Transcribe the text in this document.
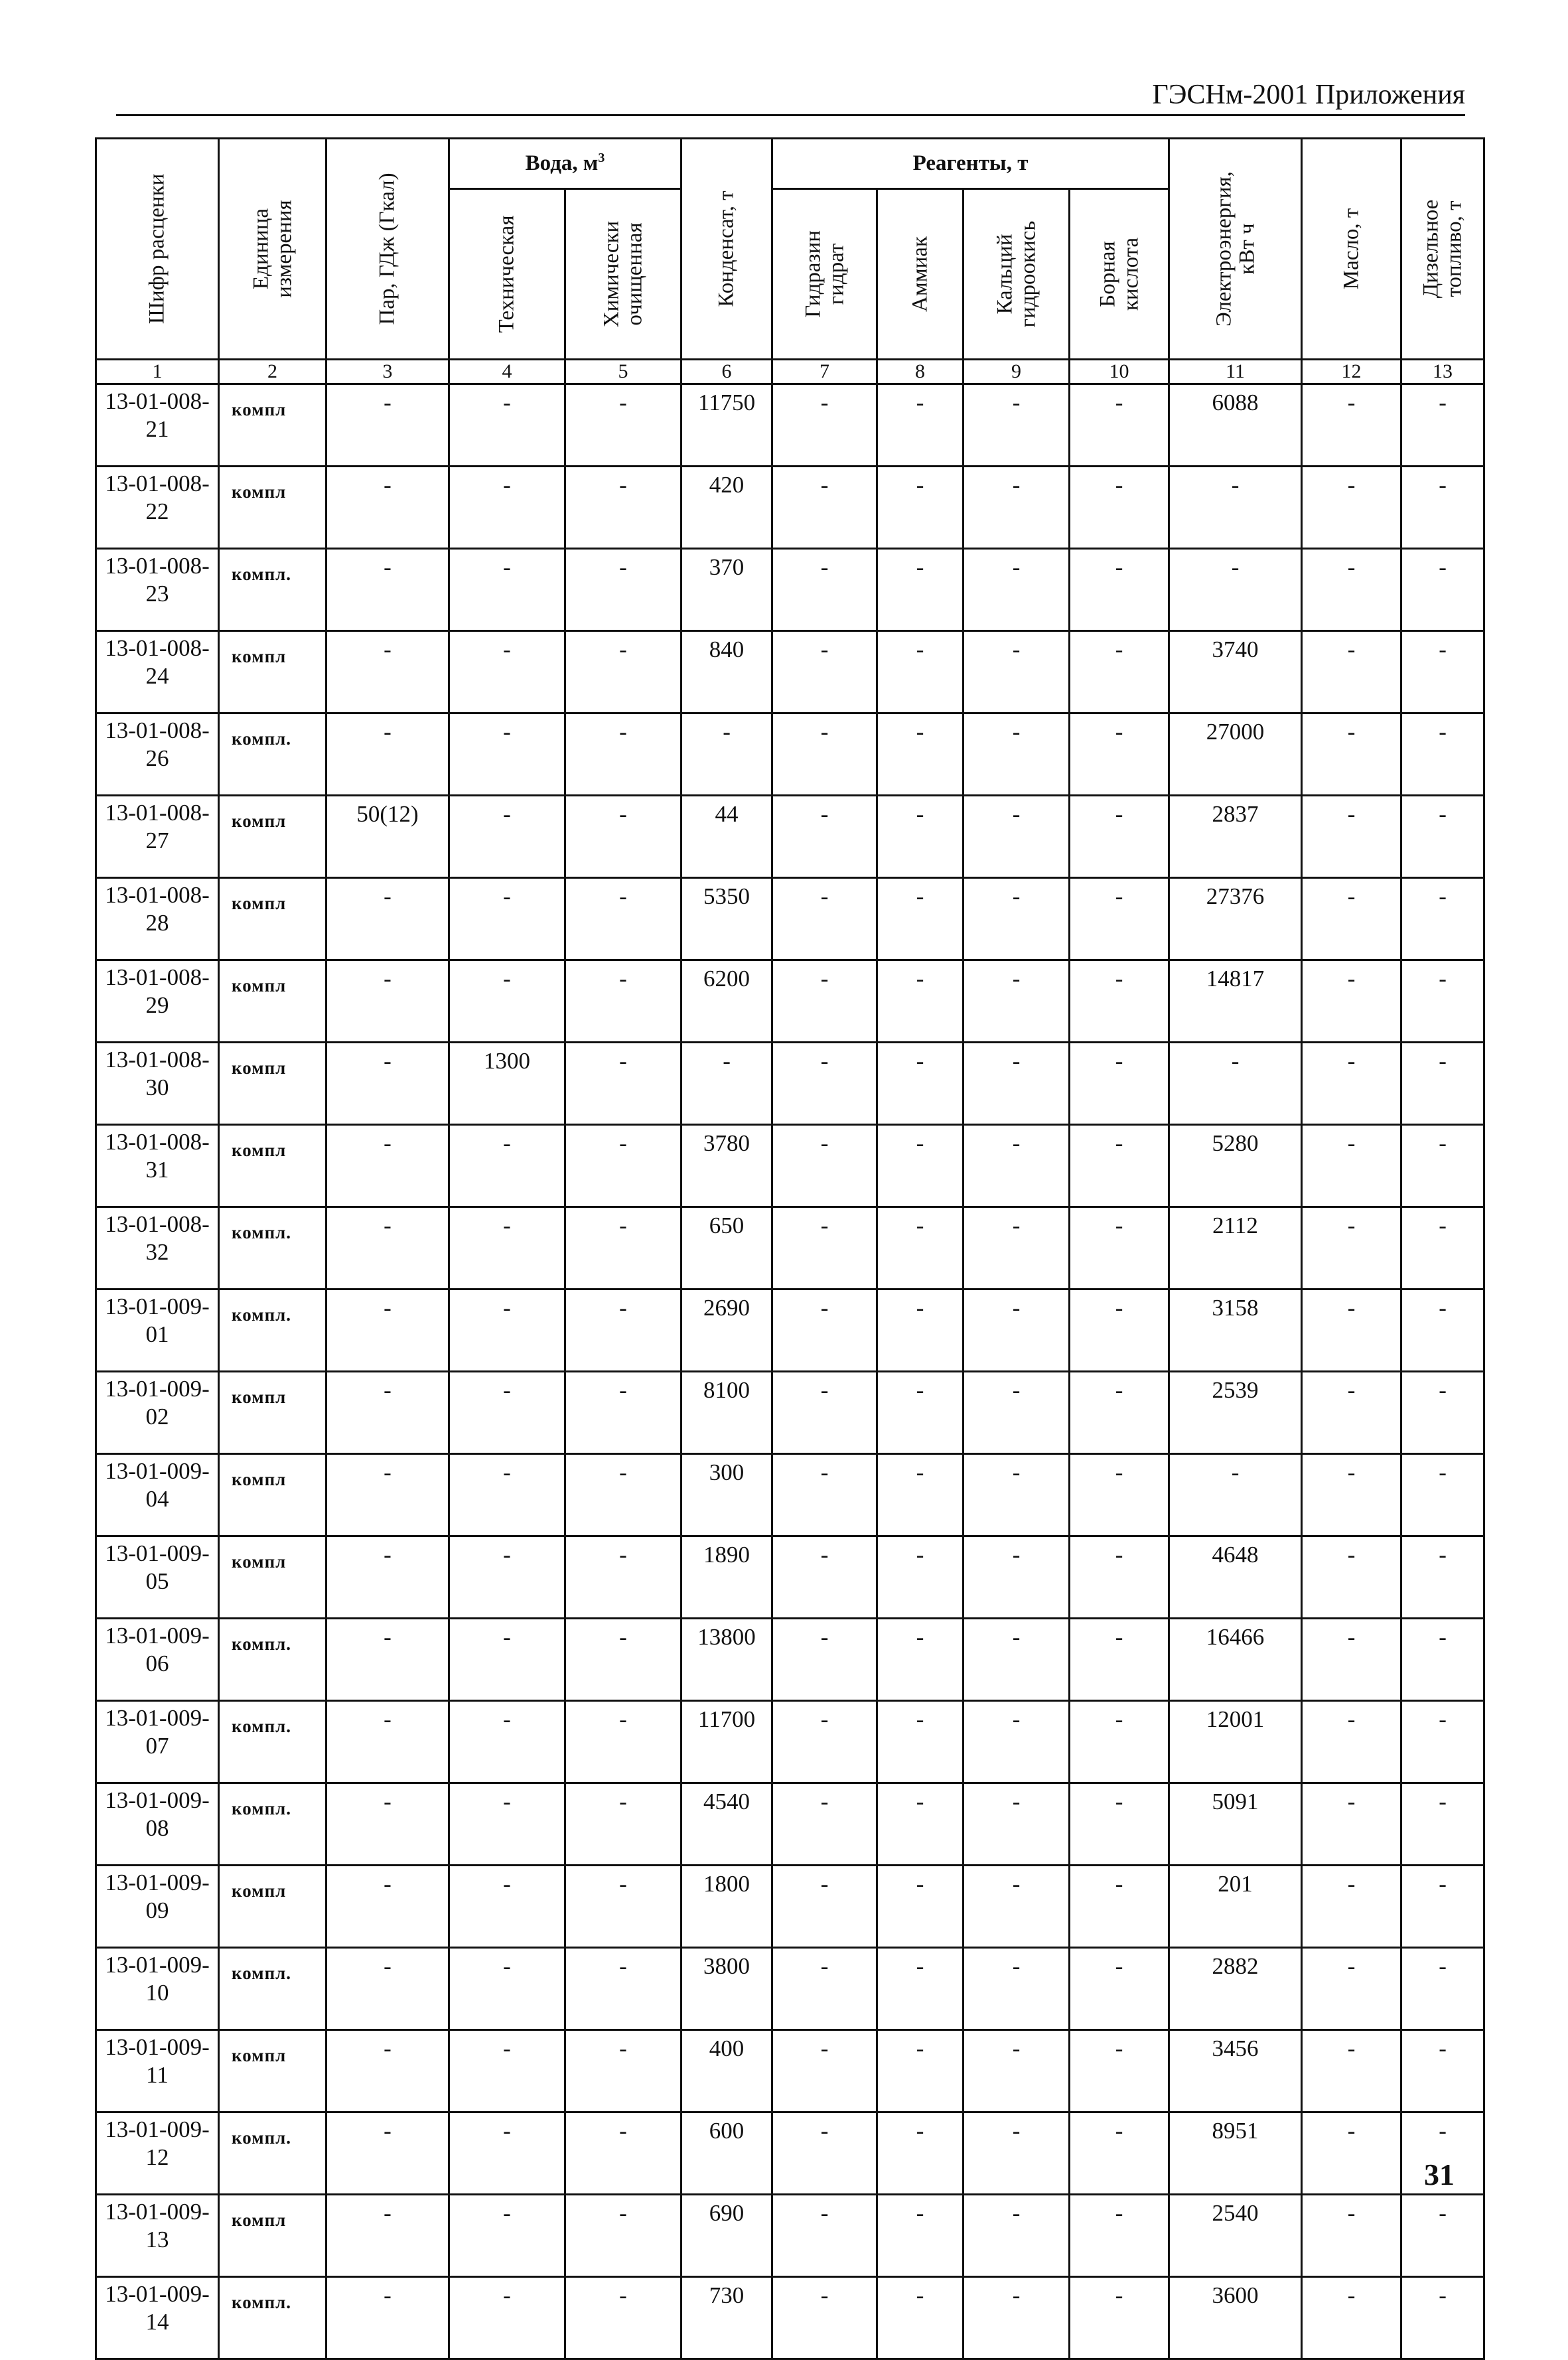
ГЭСНм-2001 Приложения
Шифр расценки	Единица измерения	Пар, ГДж (Гкал)	Вода, $м^3$		Конденсат, т	Реагенты, т				Электроэнергия, кВт ч	Масло, т	Дизельное топливо, т

			Техническая	Химически очищенная		Гидразин гидрат	Аммиак	Кальций гидроокись	Борная кислота			

1	2	3	4	5	6	7	8	9	10	11	12	13
13-01-008-21	компл	-	-	-	11750	-	-	-	-	6088	-	-
13-01-008-22	компл	-	-	-	420	-	-	-	-	-	-	-
13-01-008-23	компл.	-	-	-	370	-	-	-	-	-	-	-
13-01-008-24	компл	-	-	-	840	-	-	-	-	3740	-	-
13-01-008-26	компл.	-	-	-	-	-	-	-	-	27000	-	-
13-01-008-27	компл	50(12)	-	-	44	-	-	-	-	2837	-	-
13-01-008-28	компл	-	-	-	5350	-	-	-	-	27376	-	-
13-01-008-29	компл	-	-	-	6200	-	-	-	-	14817	-	-
13-01-008-30	компл	-	1300	-	-	-	-	-	-	-	-	-
13-01-008-31	компл	-	-	-	3780	-	-	-	-	5280	-	-
13-01-008-32	компл.	-	-	-	650	-	-	-	-	2112	-	-
13-01-009-01	компл.	-	-	-	2690	-	-	-	-	3158	-	-
13-01-009-02	компл	-	-	-	8100	-	-	-	-	2539	-	-
13-01-009-04	компл	-	-	-	300	-	-	-	-	-	-	-
13-01-009-05	компл	-	-	-	1890	-	-	-	-	4648	-	-
13-01-009-06	компл.	-	-	-	13800	-	-	-	-	16466	-	-
13-01-009-07	компл.	-	-	-	11700	-	-	-	-	12001	-	-
13-01-009-08	компл.	-	-	-	4540	-	-	-	-	5091	-	-
13-01-009-09	компл	-	-	-	1800	-	-	-	-	201	-	-
13-01-009-10	компл.	-	-	-	3800	-	-	-	-	2882	-	-
13-01-009-11	компл	-	-	-	400	-	-	-	-	3456	-	-
13-01-009-12	компл.	-	-	-	600	-	-	-	-	8951	-	-
13-01-009-13	компл	-	-	-	690	-	-	-	-	2540	-	-
13-01-009-14	компл.	-	-	-	730	-	-	-	-	3600	-	-
31
